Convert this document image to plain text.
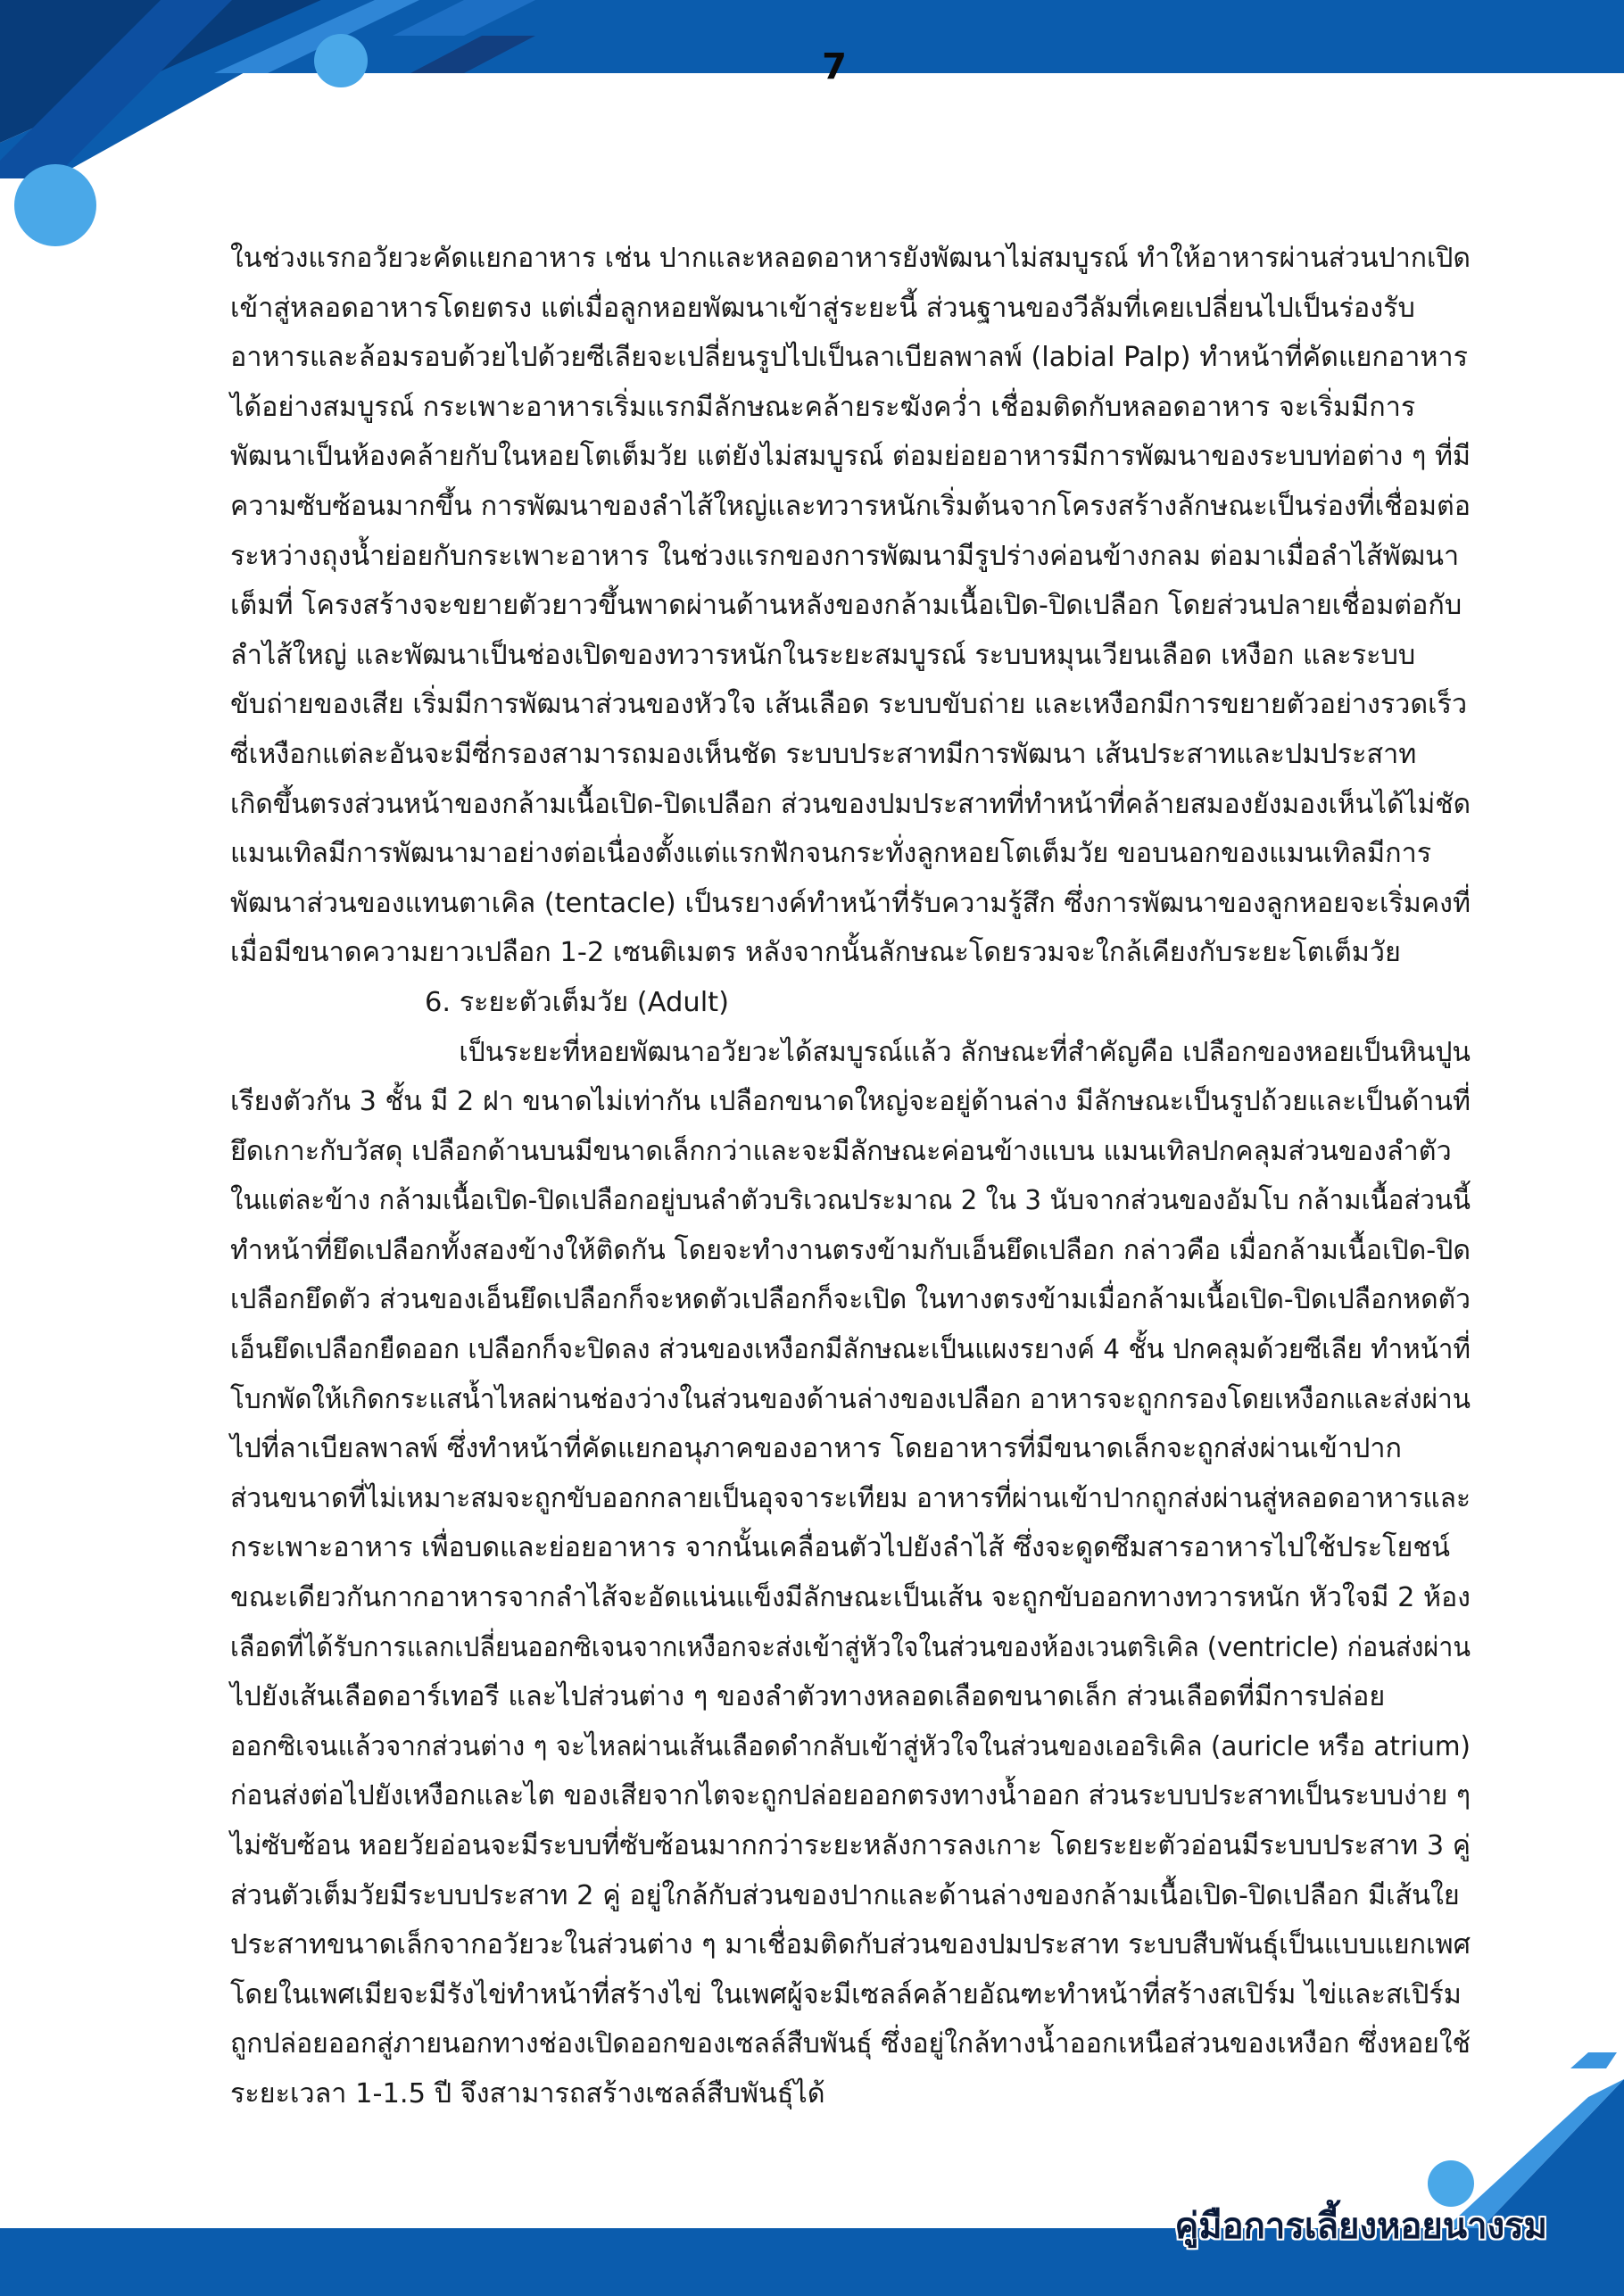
7
ในช่วงแรกอวัยวะคัดแยกอาหาร เช่น ปากและหลอดอาหารยังพัฒนาไม่สมบูรณ์ ทำให้อาหารผ่านส่วนปากเปิด
เข้าสู่หลอดอาหารโดยตรง แต่เมื่อลูกหอยพัฒนาเข้าสู่ระยะนี้ ส่วนฐานของวีลัมที่เคยเปลี่ยนไปเป็นร่องรับ
อาหารและล้อมรอบด้วยไปด้วยซีเลียจะเปลี่ยนรูปไปเป็นลาเบียลพาลพ์ (labial Palp) ทำหน้าที่คัดแยกอาหาร
ได้อย่างสมบูรณ์ กระเพาะอาหารเริ่มแรกมีลักษณะคล้ายระฆังคว่ำ เชื่อมติดกับหลอดอาหาร จะเริ่มมีการ
พัฒนาเป็นห้องคล้ายกับในหอยโตเต็มวัย แต่ยังไม่สมบูรณ์ ต่อมย่อยอาหารมีการพัฒนาของระบบท่อต่าง ๆ ที่มี
ความซับซ้อนมากขึ้น การพัฒนาของลำไส้ใหญ่และทวารหนักเริ่มต้นจากโครงสร้างลักษณะเป็นร่องที่เชื่อมต่อ
ระหว่างถุงน้ำย่อยกับกระเพาะอาหาร ในช่วงแรกของการพัฒนามีรูปร่างค่อนข้างกลม ต่อมาเมื่อลำไส้พัฒนา
เต็มที่ โครงสร้างจะขยายตัวยาวขึ้นพาดผ่านด้านหลังของกล้ามเนื้อเปิด-ปิดเปลือก โดยส่วนปลายเชื่อมต่อกับ
ลำไส้ใหญ่ และพัฒนาเป็นช่องเปิดของทวารหนักในระยะสมบูรณ์ ระบบหมุนเวียนเลือด เหงือก และระบบ
ขับถ่ายของเสีย เริ่มมีการพัฒนาส่วนของหัวใจ เส้นเลือด ระบบขับถ่าย และเหงือกมีการขยายตัวอย่างรวดเร็ว
ซี่เหงือกแต่ละอันจะมีซี่กรองสามารถมองเห็นชัด ระบบประสาทมีการพัฒนา เส้นประสาทและปมประสาท
เกิดขึ้นตรงส่วนหน้าของกล้ามเนื้อเปิด-ปิดเปลือก ส่วนของปมประสาทที่ทำหน้าที่คล้ายสมองยังมองเห็นได้ไม่ชัด
แมนเทิลมีการพัฒนามาอย่างต่อเนื่องตั้งแต่แรกฟักจนกระทั่งลูกหอยโตเต็มวัย ขอบนอกของแมนเทิลมีการ
พัฒนาส่วนของแทนตาเคิล (tentacle) เป็นรยางค์ทำหน้าที่รับความรู้สึก ซึ่งการพัฒนาของลูกหอยจะเริ่มคงที่
เมื่อมีขนาดความยาวเปลือก 1-2 เซนติเมตร หลังจากนั้นลักษณะโดยรวมจะใกล้เคียงกับระยะโตเต็มวัย
6. ระยะตัวเต็มวัย (Adult)
เป็นระยะที่หอยพัฒนาอวัยวะได้สมบูรณ์แล้ว ลักษณะที่สำคัญคือ เปลือกของหอยเป็นหินปูน
เรียงตัวกัน 3 ชั้น มี 2 ฝา ขนาดไม่เท่ากัน เปลือกขนาดใหญ่จะอยู่ด้านล่าง มีลักษณะเป็นรูปถ้วยและเป็นด้านที่
ยึดเกาะกับวัสดุ เปลือกด้านบนมีขนาดเล็กกว่าและจะมีลักษณะค่อนข้างแบน แมนเทิลปกคลุมส่วนของลำตัว
ในแต่ละข้าง กล้ามเนื้อเปิด-ปิดเปลือกอยู่บนลำตัวบริเวณประมาณ 2 ใน 3 นับจากส่วนของอัมโบ กล้ามเนื้อส่วนนี้
ทำหน้าที่ยึดเปลือกทั้งสองข้างให้ติดกัน โดยจะทำงานตรงข้ามกับเอ็นยึดเปลือก กล่าวคือ เมื่อกล้ามเนื้อเปิด-ปิด
เปลือกยึดตัว ส่วนของเอ็นยึดเปลือกก็จะหดตัวเปลือกก็จะเปิด ในทางตรงข้ามเมื่อกล้ามเนื้อเปิด-ปิดเปลือกหดตัว
เอ็นยึดเปลือกยืดออก เปลือกก็จะปิดลง ส่วนของเหงือกมีลักษณะเป็นแผงรยางค์ 4 ชั้น ปกคลุมด้วยซีเลีย ทำหน้าที่
โบกพัดให้เกิดกระแสน้ำไหลผ่านช่องว่างในส่วนของด้านล่างของเปลือก อาหารจะถูกกรองโดยเหงือกและส่งผ่าน
ไปที่ลาเบียลพาลพ์ ซึ่งทำหน้าที่คัดแยกอนุภาคของอาหาร โดยอาหารที่มีขนาดเล็กจะถูกส่งผ่านเข้าปาก
ส่วนขนาดที่ไม่เหมาะสมจะถูกขับออกกลายเป็นอุจจาระเทียม อาหารที่ผ่านเข้าปากถูกส่งผ่านสู่หลอดอาหารและ
กระเพาะอาหาร เพื่อบดและย่อยอาหาร จากนั้นเคลื่อนตัวไปยังลำไส้ ซึ่งจะดูดซึมสารอาหารไปใช้ประโยชน์
ขณะเดียวกันกากอาหารจากลำไส้จะอัดแน่นแข็งมีลักษณะเป็นเส้น จะถูกขับออกทางทวารหนัก หัวใจมี 2 ห้อง
เลือดที่ได้รับการแลกเปลี่ยนออกซิเจนจากเหงือกจะส่งเข้าสู่หัวใจในส่วนของห้องเวนตริเคิล (ventricle) ก่อนส่งผ่าน
ไปยังเส้นเลือดอาร์เทอรี และไปส่วนต่าง ๆ ของลำตัวทางหลอดเลือดขนาดเล็ก ส่วนเลือดที่มีการปล่อย
ออกซิเจนแล้วจากส่วนต่าง ๆ จะไหลผ่านเส้นเลือดดำกลับเข้าสู่หัวใจในส่วนของเออริเคิล (auricle หรือ atrium)
ก่อนส่งต่อไปยังเหงือกและไต ของเสียจากไตจะถูกปล่อยออกตรงทางน้ำออก ส่วนระบบประสาทเป็นระบบง่าย ๆ
ไม่ซับซ้อน หอยวัยอ่อนจะมีระบบที่ซับซ้อนมากกว่าระยะหลังการลงเกาะ โดยระยะตัวอ่อนมีระบบประสาท 3 คู่
ส่วนตัวเต็มวัยมีระบบประสาท 2 คู่ อยู่ใกล้กับส่วนของปากและด้านล่างของกล้ามเนื้อเปิด-ปิดเปลือก มีเส้นใย
ประสาทขนาดเล็กจากอวัยวะในส่วนต่าง ๆ มาเชื่อมติดกับส่วนของปมประสาท ระบบสืบพันธุ์เป็นแบบแยกเพศ
โดยในเพศเมียจะมีรังไข่ทำหน้าที่สร้างไข่ ในเพศผู้จะมีเซลล์คล้ายอัณฑะทำหน้าที่สร้างสเปิร์ม ไข่และสเปิร์ม
ถูกปล่อยออกสู่ภายนอกทางช่องเปิดออกของเซลล์สืบพันธุ์ ซึ่งอยู่ใกล้ทางน้ำออกเหนือส่วนของเหงือก ซึ่งหอยใช้
ระยะเวลา 1-1.5 ปี จึงสามารถสร้างเซลล์สืบพันธุ์ได้
คู่มือการเลี้ยงหอยนางรม
